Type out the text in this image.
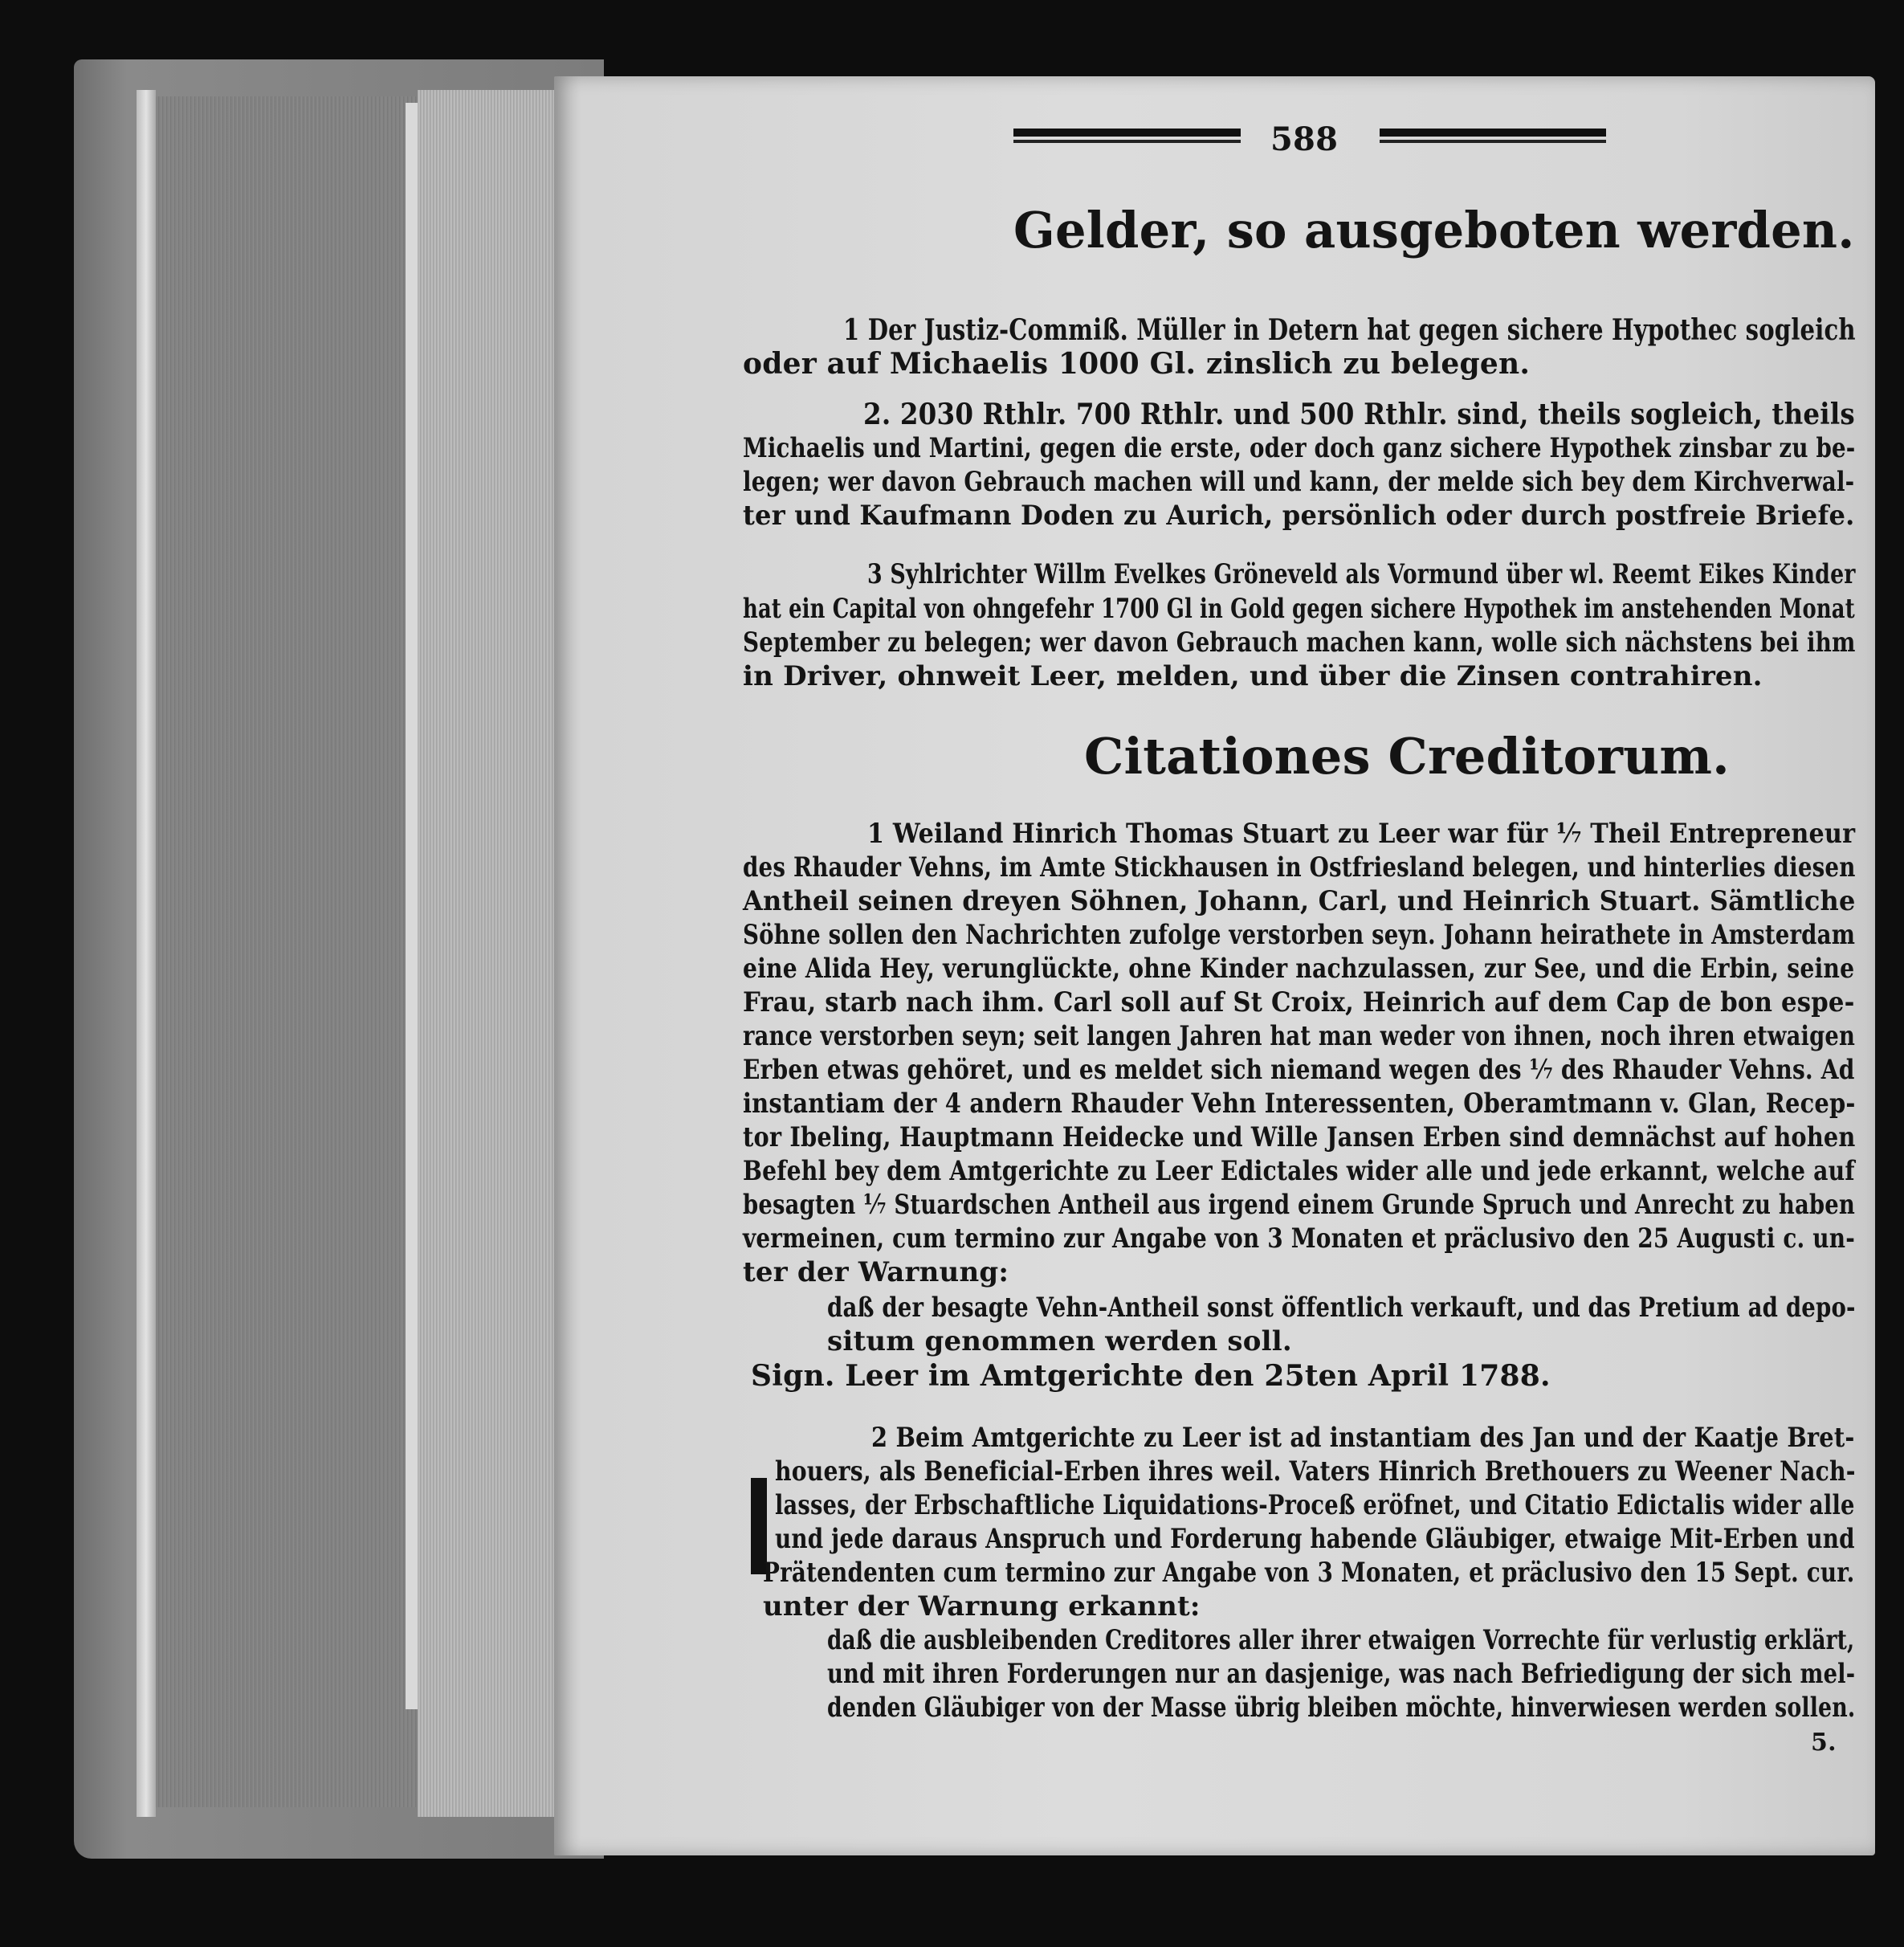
588
Gelder, so ausgeboten werden.
1 Der Justiz-Commiß. Müller in Detern hat gegen sichere Hypothec sogleich
oder auf Michaelis 1000 Gl. zinslich zu belegen.
2. 2030 Rthlr. 700 Rthlr. und 500 Rthlr. sind, theils sogleich, theils
Michaelis und Martini, gegen die erste, oder doch ganz sichere Hypothek zinsbar zu be-
legen; wer davon Gebrauch machen will und kann, der melde sich bey dem Kirchverwal-
ter und Kaufmann Doden zu Aurich, persönlich oder durch postfreie Briefe.
3 Syhlrichter Willm Evelkes Gröneveld als Vormund über wl. Reemt Eikes Kinder
hat ein Capital von ohngefehr 1700 Gl in Gold gegen sichere Hypothek im anstehenden Monat
September zu belegen; wer davon Gebrauch machen kann, wolle sich nächstens bei ihm
in Driver, ohnweit Leer, melden, und über die Zinsen contrahiren.
Citationes Creditorum.
1 Weiland Hinrich Thomas Stuart zu Leer war für ⅐ Theil Entrepreneur
des Rhauder Vehns, im Amte Stickhausen in Ostfriesland belegen, und hinterlies diesen
Antheil seinen dreyen Söhnen, Johann, Carl, und Heinrich Stuart. Sämtliche
Söhne sollen den Nachrichten zufolge verstorben seyn. Johann heirathete in Amsterdam
eine Alida Hey, verunglückte, ohne Kinder nachzulassen, zur See, und die Erbin, seine
Frau, starb nach ihm. Carl soll auf St Croix, Heinrich auf dem Cap de bon espe-
rance verstorben seyn; seit langen Jahren hat man weder von ihnen, noch ihren etwaigen
Erben etwas gehöret, und es meldet sich niemand wegen des ⅐ des Rhauder Vehns. Ad
instantiam der 4 andern Rhauder Vehn Interessenten, Oberamtmann v. Glan, Recep-
tor Ibeling, Hauptmann Heidecke und Wille Jansen Erben sind demnächst auf hohen
Befehl bey dem Amtgerichte zu Leer Edictales wider alle und jede erkannt, welche auf
besagten ⅐ Stuardschen Antheil aus irgend einem Grunde Spruch und Anrecht zu haben
vermeinen, cum termino zur Angabe von 3 Monaten et präclusivo den 25 Augusti c. un-
ter der Warnung:
daß der besagte Vehn-Antheil sonst öffentlich verkauft, und das Pretium ad depo-
situm genommen werden soll.
Sign. Leer im Amtgerichte den 25ten April 1788.
2 Beim Amtgerichte zu Leer ist ad instantiam des Jan und der Kaatje Bret-
houers, als Beneficial-Erben ihres weil. Vaters Hinrich Brethouers zu Weener Nach-
lasses, der Erbschaftliche Liquidations-Proceß eröfnet, und Citatio Edictalis wider alle
und jede daraus Anspruch und Forderung habende Gläubiger, etwaige Mit-Erben und
Prätendenten cum termino zur Angabe von 3 Monaten, et präclusivo den 15 Sept. cur.
unter der Warnung erkannt:
daß die ausbleibenden Creditores aller ihrer etwaigen Vorrechte für verlustig erklärt,
und mit ihren Forderungen nur an dasjenige, was nach Befriedigung der sich mel-
denden Gläubiger von der Masse übrig bleiben möchte, hinverwiesen werden sollen.
5.
